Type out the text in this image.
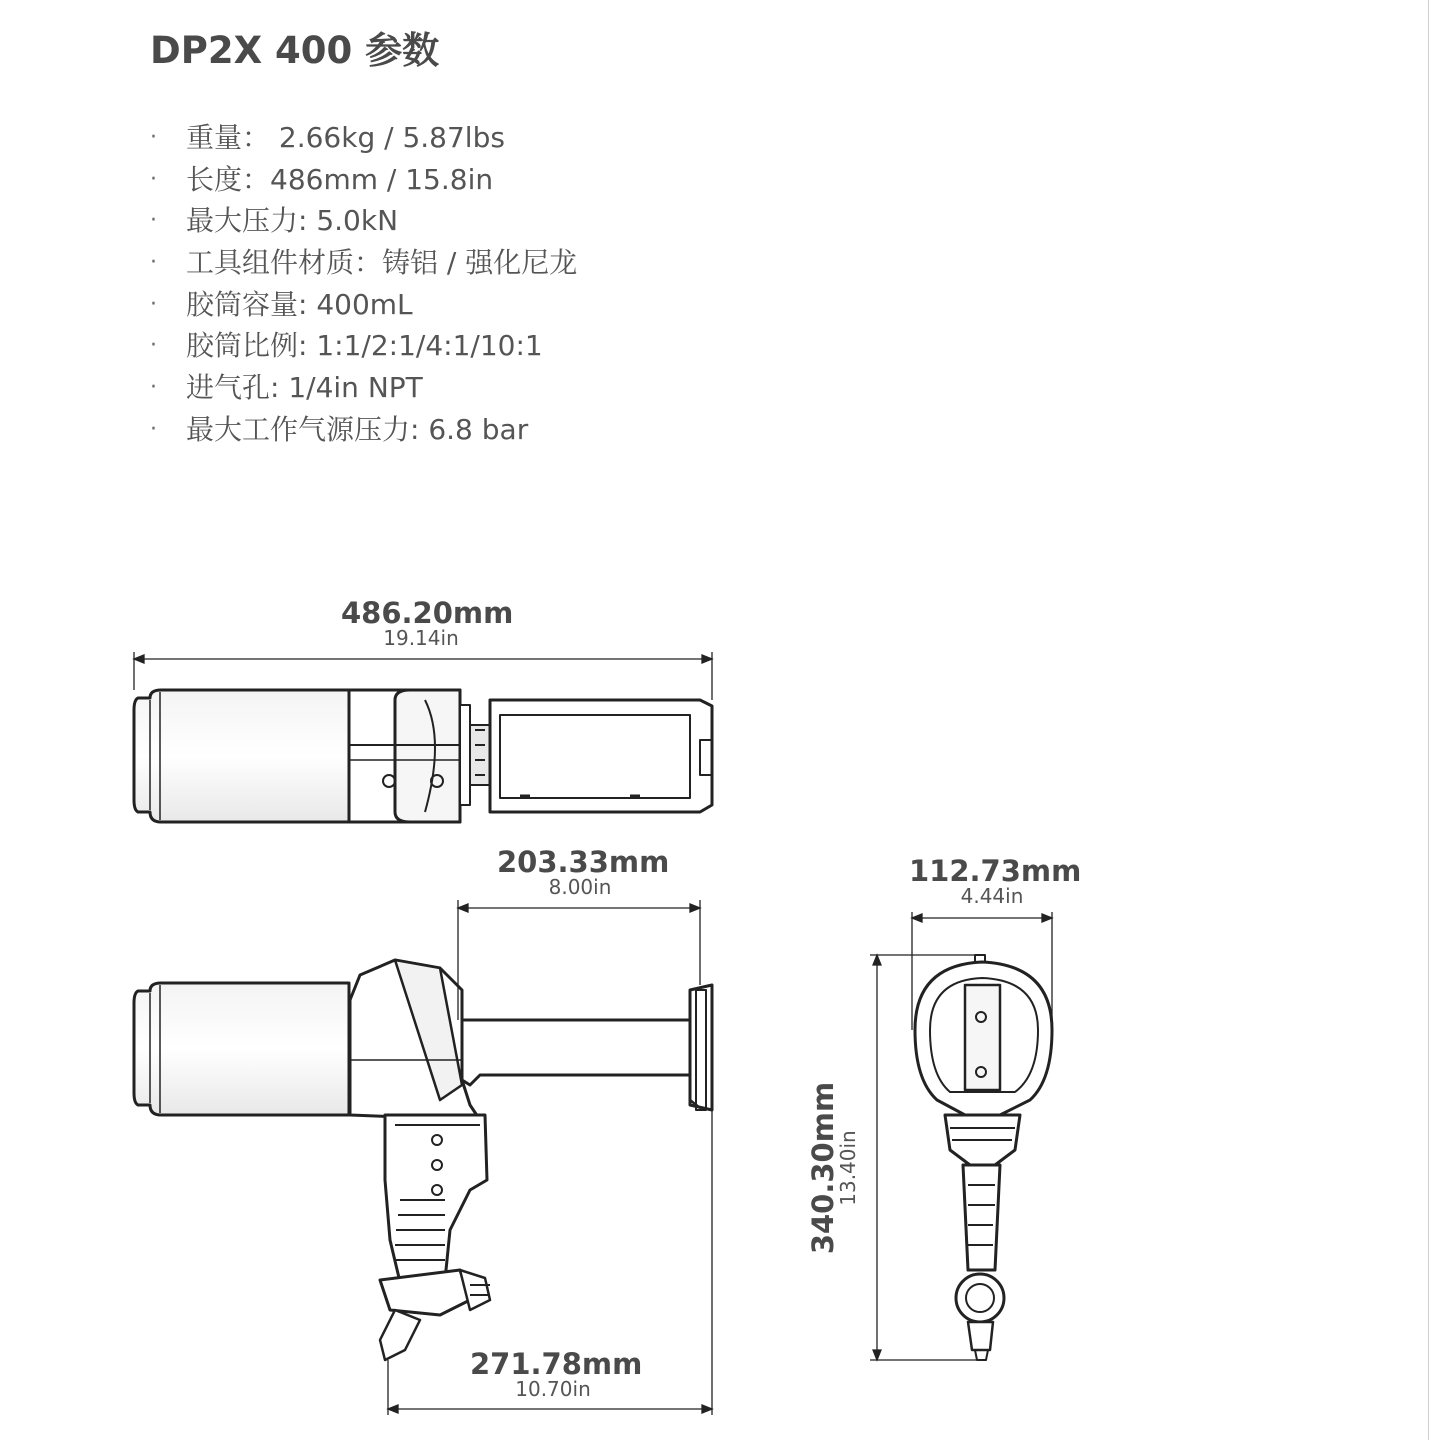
DP2X 400 参数
· 重量： 2.66kg / 5.87lbs
· 长度：486mm / 15.8in
· 最大压力: 5.0kN
· 工具组件材质：铸铝 / 强化尼龙
· 胶筒容量: 400mL
· 胶筒比例: 1:1/2:1/4:1/10:1
· 进气孔: 1/4in NPT
· 最大工作气源压力: 6.8 bar
486.20mm
19.14in
203.33mm
8.00in
271.78mm
10.70in
112.73mm
4.44in
340.30mm
13.40in
